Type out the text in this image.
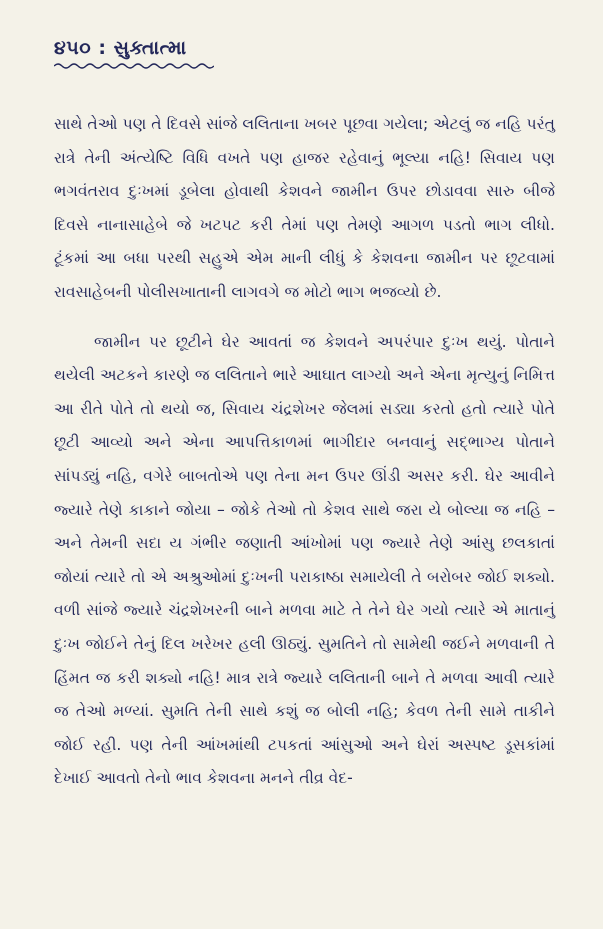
૪૫૦ : સુક્તાત્મા

સાથે તેઓ પણ તે દિવસે સાંજે લલિતાના ખબર પૂછવા ગયેલા; એટલું જ નહિ પરંતુ રાત્રે તેની અંત્યેષ્ટિ વિધિ વખતે પણ હાજર રહેવાનું ભૂલ્યા નહિ! સિવાય પણ ભગવંતરાવ દુઃખમાં ડૂબેલા હોવાથી કેશવને જામીન ઉપર છોડાવવા સારુ બીજે દિવસે નાનાસાહેબે જે ખટપટ કરી તેમાં પણ તેમણે આગળ પડતો ભાગ લીધો. ટૂંકમાં આ બધા પરથી સહુએ એમ માની લીધું કે કેશવના જામીન પર છૂટવામાં રાવસાહેબની પોલીસખાતાની લાગવગે જ મોટો ભાગ ભજવ્યો છે.

જામીન પર છૂટીને ઘેર આવતાં જ કેશવને અપરંપાર દુઃખ થયું. પોતાને થયેલી અટકને કારણે જ લલિતાને ભારે આઘાત લાગ્યો અને એના મૃત્યુનું નિમિત્ત આ રીતે પોતે તો થયો જ, સિવાય ચંદ્રશેખર જેલમાં સડ્યા કરતો હતો ત્યારે પોતે છૂટી આવ્યો અને એના આપત્તિકાળમાં ભાગીદાર બનવાનું સદ્ભાગ્ય પોતાને સાંપડ્યું નહિ, વગેરે બાબતોએ પણ તેના મન ઉપર ઊંડી અસર કરી. ઘેર આવીને જ્યારે તેણે કાકાને જોયા – જોકે તેઓ તો કેશવ સાથે જરા યે બોલ્યા જ નહિ – અને તેમની સદા ય ગંભીર જણાતી આંખોમાં પણ જ્યારે તેણે આંસુ છલકાતાં જોયાં ત્યારે તો એ અશ્રુઓમાં દુઃખની પરાકાષ્ઠા સમાયેલી તે બરોબર જોઈ શક્યો. વળી સાંજે જ્યારે ચંદ્રશેખરની બાને મળવા માટે તે તેને ઘેર ગયો ત્યારે એ માતાનું દુઃખ જોઈને તેનું દિલ ખરેખર હલી ઊઠ્યું. સુમતિને તો સામેથી જઈને મળવાની તે હિંમત જ કરી શક્યો નહિ! માત્ર રાત્રે જ્યારે લલિતાની બાને તે મળવા આવી ત્યારે જ તેઓ મળ્યાં. સુમતિ તેની સાથે કશું જ બોલી નહિ; કેવળ તેની સામે તાકીને જોઈ રહી. પણ તેની આંખમાંથી ટપકતાં આંસુઓ અને ઘેરાં અસ્પષ્ટ ડૂસકાંમાં દેખાઈ આવતો તેનો ભાવ કેશવના મનને તીવ્ર વેદ-
